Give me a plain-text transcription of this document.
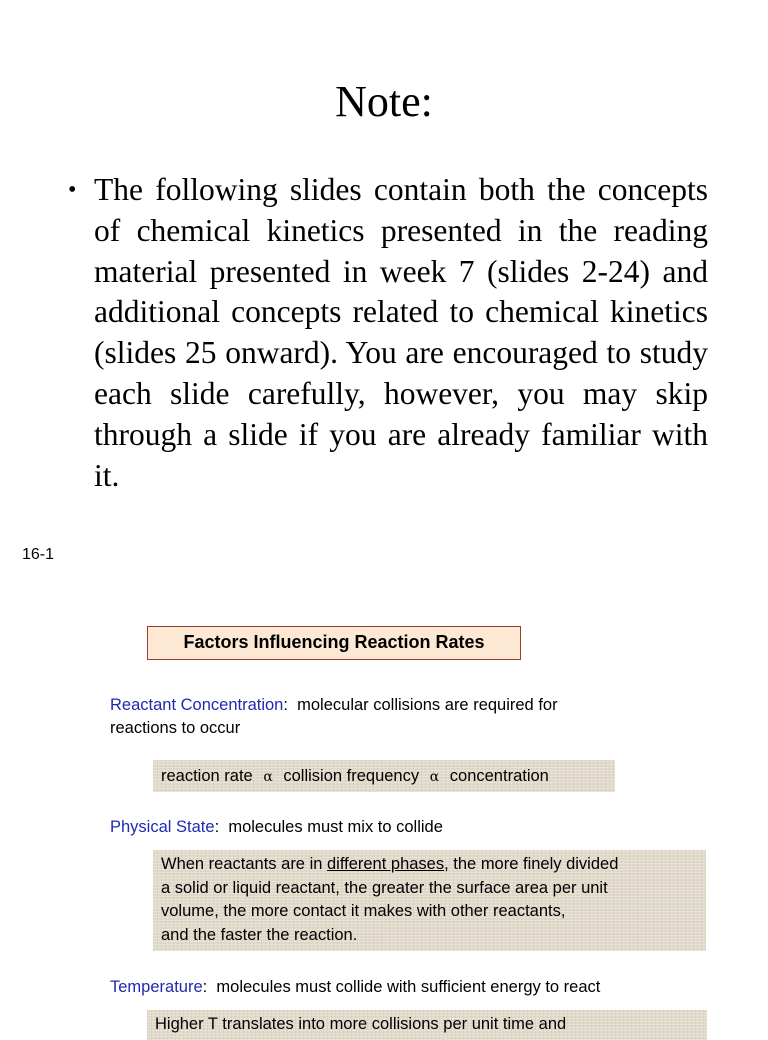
Note:
• The following slides contain both the concepts of chemical kinetics presented in the reading material presented in week 7 (slides 2-24) and additional concepts related to chemical kinetics (slides 25 onward). You are encouraged to study each slide carefully, however, you may skip through a slide if you are already familiar with it.
16-1
Factors Influencing Reaction Rates
Reactant Concentration: molecular collisions are required for
reactions to occur
reaction rate α collision frequency α concentration
Physical State: molecules must mix to collide
When reactants are in different phases, the more finely divided
a solid or liquid reactant, the greater the surface area per unit
volume, the more contact it makes with other reactants,
and the faster the reaction.
Temperature: molecules must collide with sufficient energy to react
Higher T translates into more collisions per unit time and
